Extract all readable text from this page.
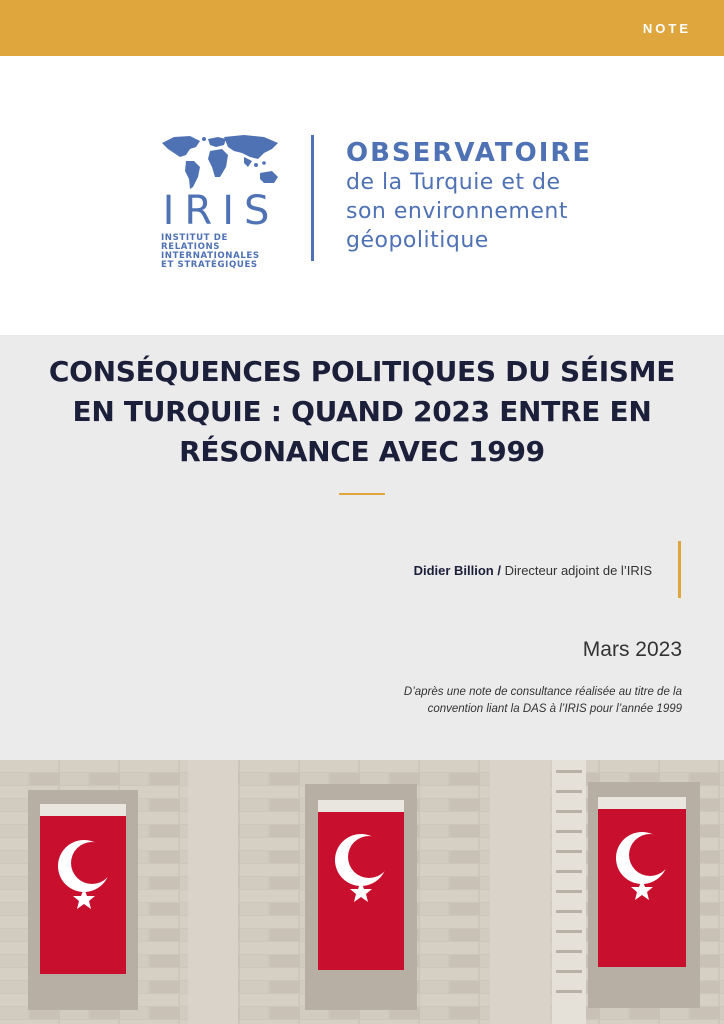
NOTE
IRIS
INSTITUT DE RELATIONS
INTERNATIONALES
ET STRATÉGIQUES
OBSERVATOIRE
de la Turquie et de
son environnement
géopolitique
CONSÉQUENCES POLITIQUES DU SÉISME
EN TURQUIE : QUAND 2023 ENTRE EN
RÉSONANCE AVEC 1999
Didier Billion / Directeur adjoint de l’IRIS
Mars 2023
D’après une note de consultance réalisée au titre de la
convention liant la DAS à l’IRIS pour l’année 1999
